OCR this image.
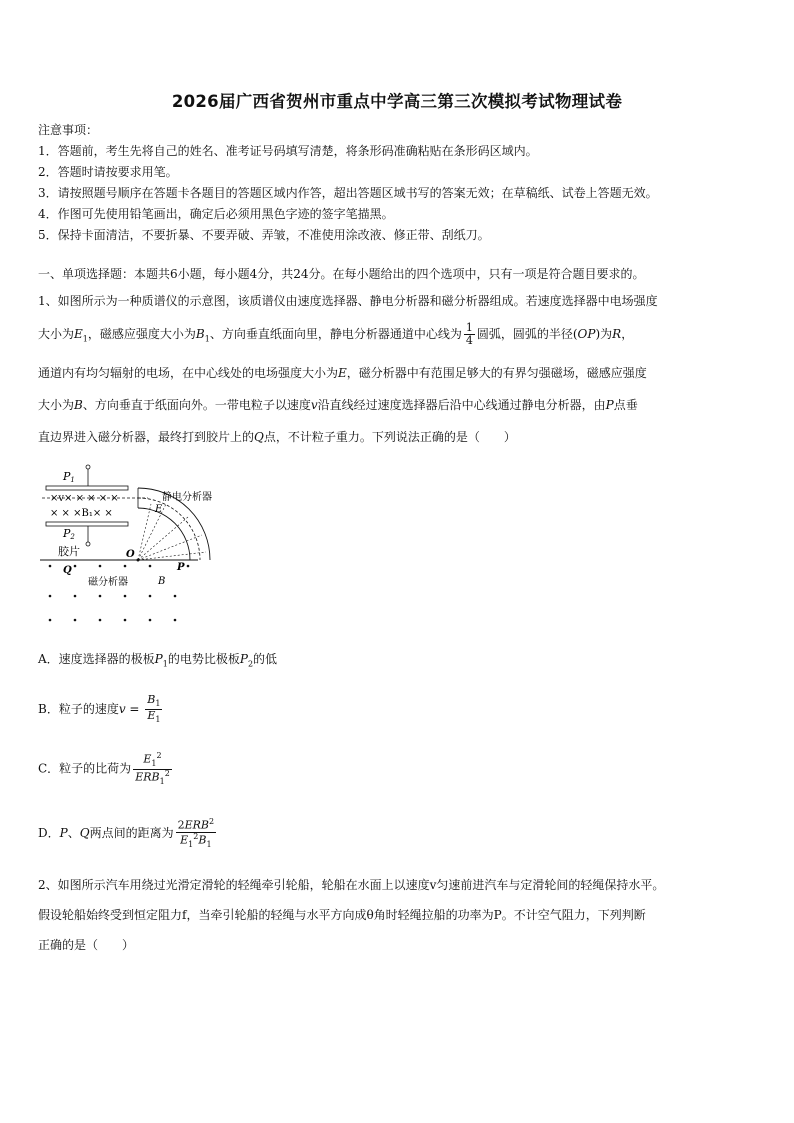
2026届广西省贺州市重点中学高三第三次模拟考试物理试卷
注意事项：
1．答题前，考生先将自己的姓名、准考证号码填写清楚，将条形码准确粘贴在条形码区域内。
2．答题时请按要求用笔。
3．请按照题号顺序在答题卡各题目的答题区域内作答，超出答题区域书写的答案无效；在草稿纸、试卷上答题无效。
4．作图可先使用铅笔画出，确定后必须用黑色字迹的签字笔描黑。
5．保持卡面清洁，不要折暴、不要弄破、弄皱，不准使用涂改液、修正带、刮纸刀。
一、单项选择题：本题共6小题，每小题4分，共24分。在每小题给出的四个选项中，只有一项是符合题目要求的。
1、如图所示为一种质谱仪的示意图，该质谱仪由速度选择器、静电分析器和磁分析器组成。若速度选择器中电场强度
大小为$E_1$，磁感应强度大小为$B_1$、方向垂直纸面向里，静电分析器通道中心线为 $\frac{1}{4}$ 圆弧，圆弧的半径(OP)为R，
通道内有均匀辐射的电场，在中心线处的电场强度大小为E，磁分析器中有范围足够大的有界匀强磁场，磁感应强度
大小为B、方向垂直于纸面向外。一带电粒子以速度v沿直线经过速度选择器后沿中心线通过静电分析器，由P点垂
直边界进入磁分析器，最终打到胶片上的Q点，不计粒子重力。下列说法正确的是（　　）
P1
×v× × × × ×
× × ×B₁× ×
P2
胶片
E
静电分析器
O
P
Q
磁分析器	B
A．速度选择器的极板$P_1$的电势比极板$P_2$的低
B．粒子的速度$v = \frac{B_1}{E_1}$
C．粒子的比荷为 $\frac{E_1^2}{ERB_1^2}$
D．P、Q两点间的距离为 $\frac{2ERB^2}{E_1^2B_1}$
2、如图所示汽车用绕过光滑定滑轮的轻绳牵引轮船，轮船在水面上以速度v匀速前进汽车与定滑轮间的轻绳保持水平。
假设轮船始终受到恒定阻力f，当牵引轮船的轻绳与水平方向成θ角时轻绳拉船的功率为P。不计空气阻力，下列判断
正确的是（　　）
